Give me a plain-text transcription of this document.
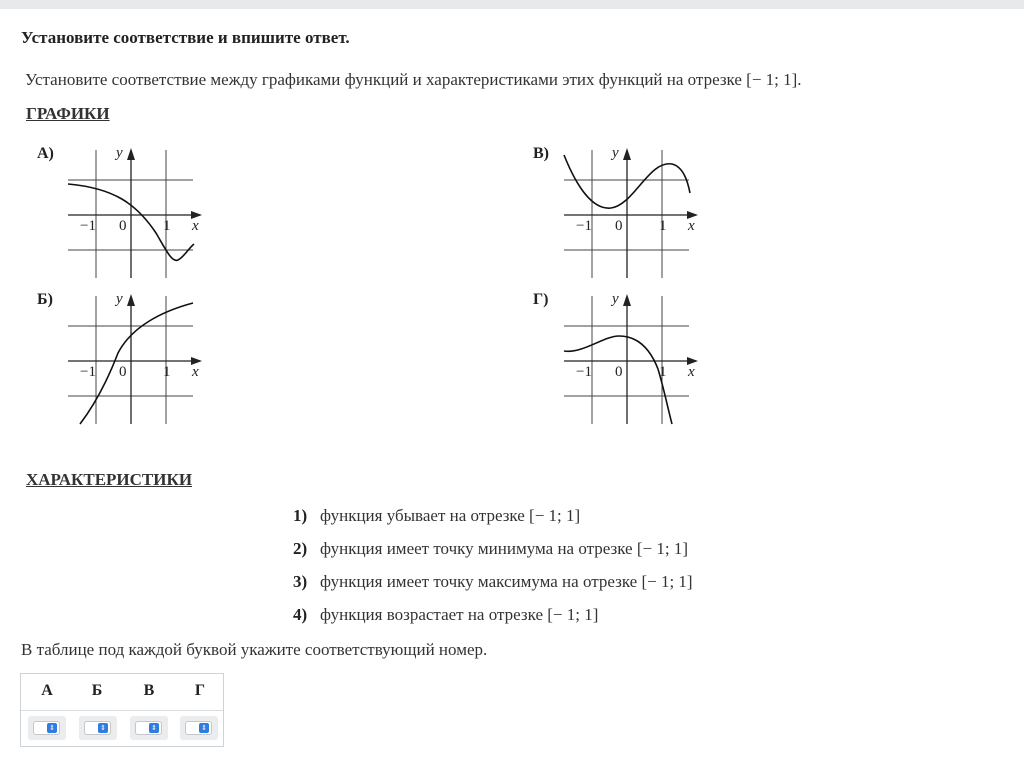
Установите соответствие и впишите ответ.
Установите соответствие между графиками функций и характеристиками этих функций на отрезке [− 1; 1].
ГРАФИКИ
А)	В)
Б)	Г)
y
x
−1 0 1
y
x
−1 0 1
y
x
−1 0 1
y
x
−1 0 1
ХАРАКТЕРИСТИКИ
1) функция убывает на отрезке [− 1; 1]
2) функция имеет точку минимума на отрезке [− 1; 1]
3) функция имеет точку максимума на отрезке [− 1; 1]
4) функция возрастает на отрезке [− 1; 1]
В таблице под каждой буквой укажите соответствующий номер.
А	Б	В	Г
⇕	⇕	⇕	⇕
